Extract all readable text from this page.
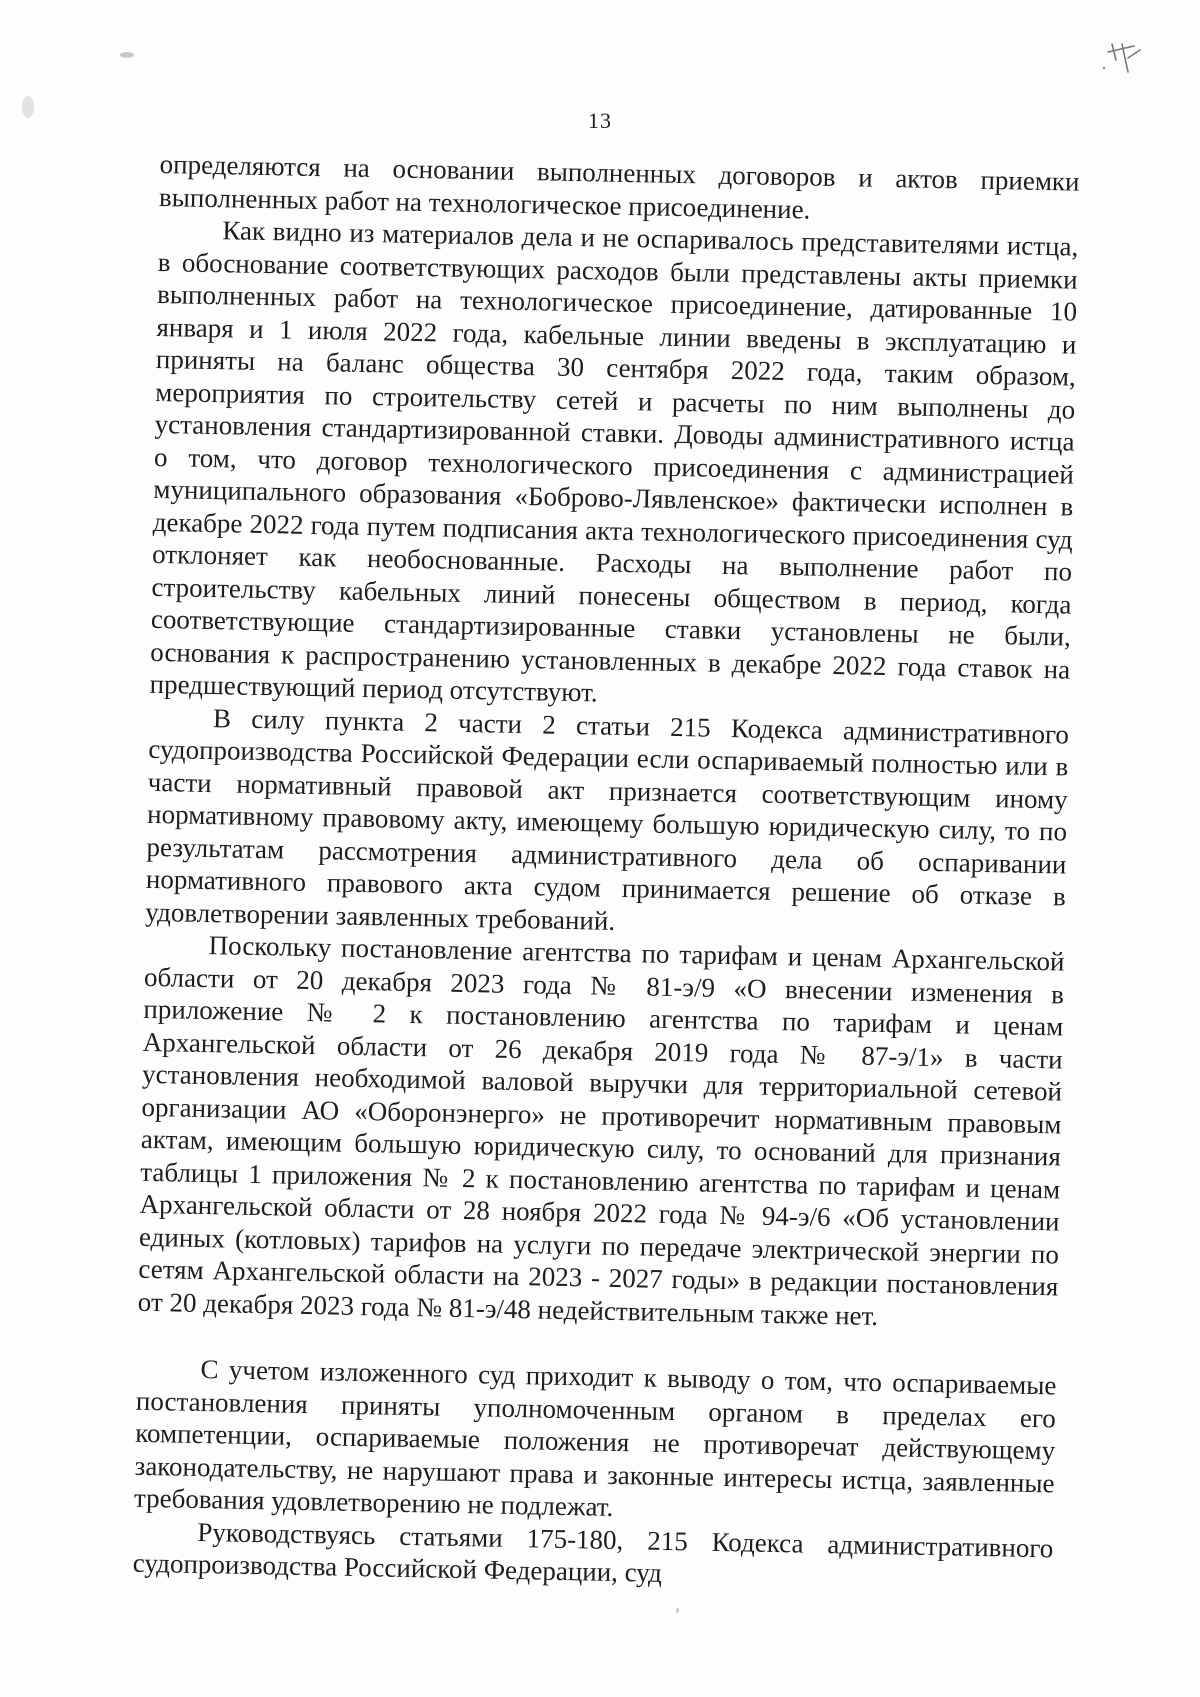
13

определяются на основании выполненных договоров и актов приемки выполненных работ на технологическое присоединение.

Как видно из материалов дела и не оспаривалось представителями истца, в обоснование соответствующих расходов были представлены акты приемки выполненных работ на технологическое присоединение, датированные 10 января и 1 июля 2022 года, кабельные линии введены в эксплуатацию и приняты на баланс общества 30 сентября 2022 года, таким образом, мероприятия по строительству сетей и расчеты по ним выполнены до установления стандартизированной ставки. Доводы административного истца о том, что договор технологического присоединения с администрацией муниципального образования «Боброво-Лявленское» фактически исполнен в декабре 2022 года путем подписания акта технологического присоединения суд отклоняет как необоснованные. Расходы на выполнение работ по строительству кабельных линий понесены обществом в период, когда соответствующие стандартизированные ставки установлены не были, основания к распространению установленных в декабре 2022 года ставок на предшествующий период отсутствуют.

В силу пункта 2 части 2 статьи 215 Кодекса административного судопроизводства Российской Федерации если оспариваемый полностью или в части нормативный правовой акт признается соответствующим иному нормативному правовому акту, имеющему большую юридическую силу, то по результатам рассмотрения административного дела об оспаривании нормативного правового акта судом принимается решение об отказе в удовлетворении заявленных требований.

Поскольку постановление агентства по тарифам и ценам Архангельской области от 20 декабря 2023 года № 81-э/9 «О внесении изменения в приложение № 2 к постановлению агентства по тарифам и ценам Архангельской области от 26 декабря 2019 года № 87-э/1» в части установления необходимой валовой выручки для территориальной сетевой организации АО «Оборонэнерго» не противоречит нормативным правовым актам, имеющим большую юридическую силу, то оснований для признания таблицы 1 приложения № 2 к постановлению агентства по тарифам и ценам Архангельской области от 28 ноября 2022 года № 94-э/6 «Об установлении единых (котловых) тарифов на услуги по передаче электрической энергии по сетям Архангельской области на 2023 - 2027 годы» в редакции постановления от 20 декабря 2023 года № 81-э/48 недействительным также нет.

С учетом изложенного суд приходит к выводу о том, что оспариваемые постановления приняты уполномоченным органом в пределах его компетенции, оспариваемые положения не противоречат действующему законодательству, не нарушают права и законные интересы истца, заявленные требования удовлетворению не подлежат.

Руководствуясь статьями 175-180, 215 Кодекса административного судопроизводства Российской Федерации, суд
